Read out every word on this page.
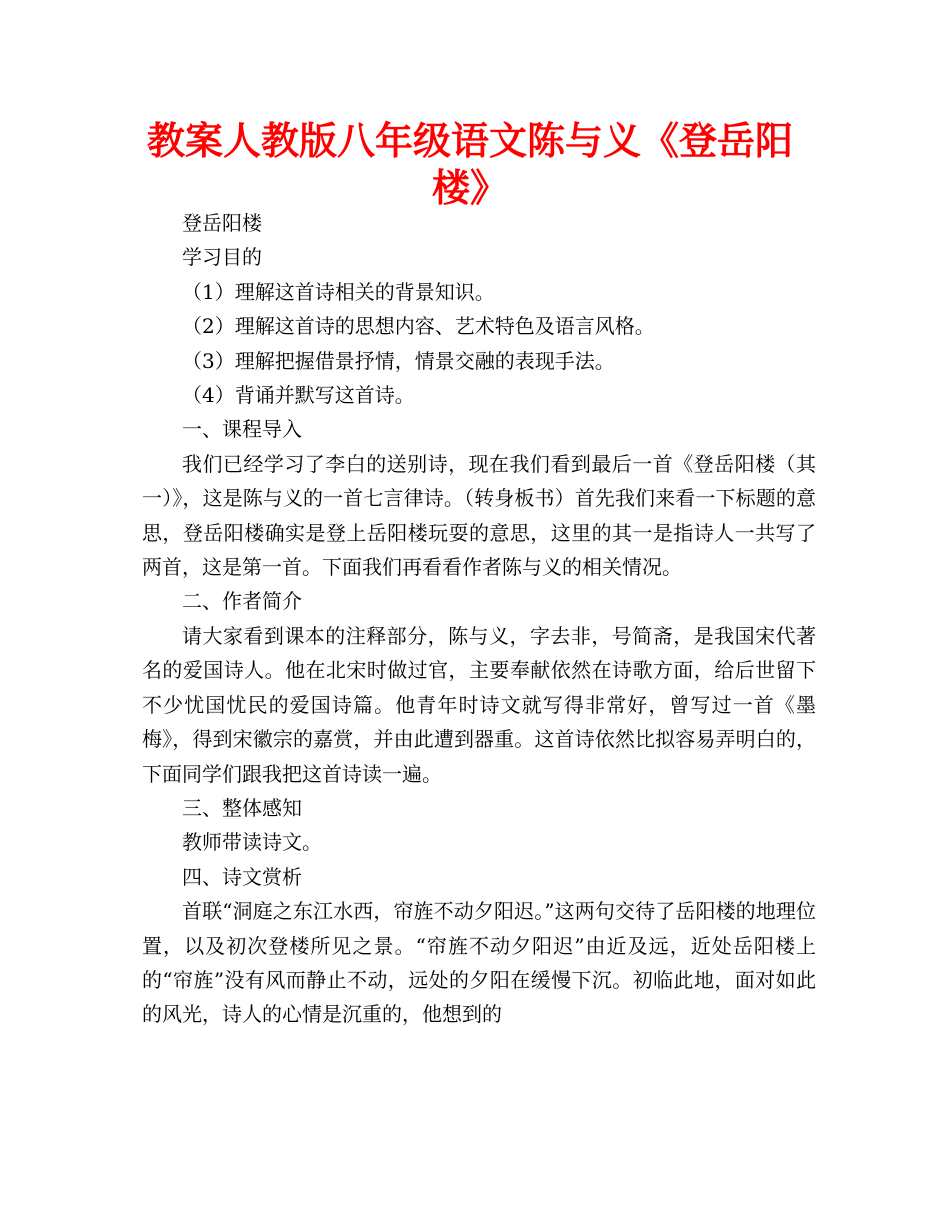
教案人教版八年级语文陈与义《登岳阳楼》

登岳阳楼

学习目的

（1）理解这首诗相关的背景知识。

（2）理解这首诗的思想内容、艺术特色及语言风格。

（3）理解把握借景抒情，情景交融的表现手法。

（4）背诵并默写这首诗。

一、课程导入

我们已经学习了李白的送别诗，现在我们看到最后一首《登岳阳楼（其一）》，这是陈与义的一首七言律诗。（转身板书）首先我们来看一下标题的意思，登岳阳楼确实是登上岳阳楼玩耍的意思，这里的其一是指诗人一共写了两首，这是第一首。下面我们再看看作者陈与义的相关情况。

二、作者简介

请大家看到课本的注释部分，陈与义，字去非，号简斋，是我国宋代著名的爱国诗人。他在北宋时做过官，主要奉献依然在诗歌方面，给后世留下不少忧国忧民的爱国诗篇。他青年时诗文就写得非常好，曾写过一首《墨梅》，得到宋徽宗的嘉赏，并由此遭到器重。这首诗依然比拟容易弄明白的，下面同学们跟我把这首诗读一遍。

三、整体感知

教师带读诗文。

四、诗文赏析

首联“洞庭之东江水西，帘旌不动夕阳迟。”这两句交待了岳阳楼的地理位置，以及初次登楼所见之景。“帘旌不动夕阳迟”由近及远，近处岳阳楼上的“帘旌”没有风而静止不动，远处的夕阳在缓慢下沉。初临此地，面对如此的风光，诗人的心情是沉重的，他想到的
